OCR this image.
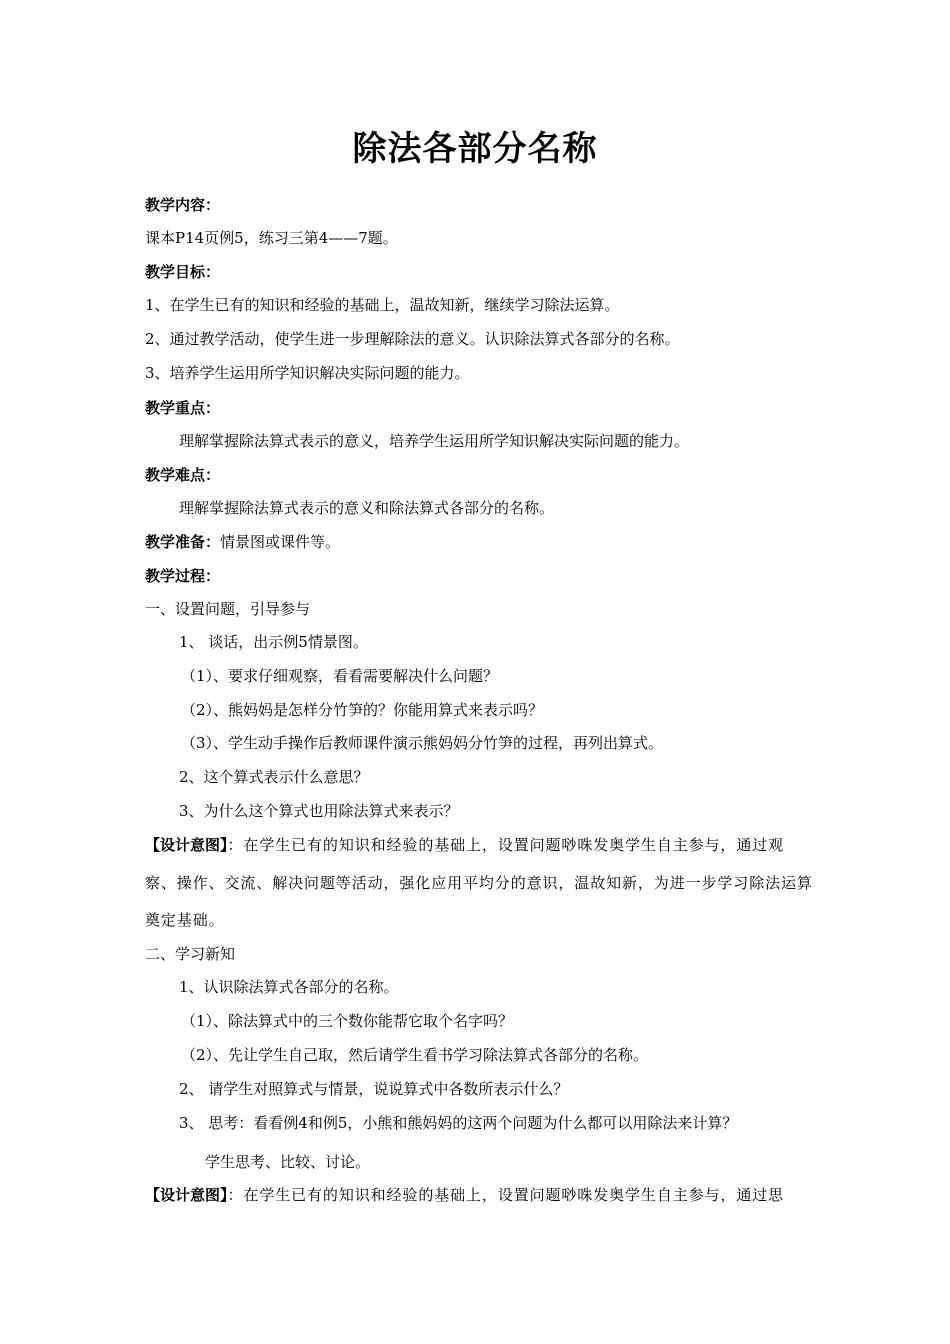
除法各部分名称
教学内容：
课本P14页例5，练习三第4——7题。
教学目标：
1、在学生已有的知识和经验的基础上，温故知新，继续学习除法运算。
2、通过教学活动，使学生进一步理解除法的意义。认识除法算式各部分的名称。
3、培养学生运用所学知识解决实际问题的能力。
教学重点：
理解掌握除法算式表示的意义，培养学生运用所学知识解决实际问题的能力。
教学难点：
理解掌握除法算式表示的意义和除法算式各部分的名称。
教学准备：情景图或课件等。
教学过程：
一、设置问题，引导参与
1、 谈话，出示例5情景图。
（1）、要求仔细观察，看看需要解决什么问题？
（2）、熊妈妈是怎样分竹笋的？你能用算式来表示吗？
（3）、学生动手操作后教师课件演示熊妈妈分竹笋的过程，再列出算式。
2、这个算式表示什么意思？
3、为什么这个算式也用除法算式来表示？
【设计意图】：在学生已有的知识和经验的基础上，设置问题唦咮发奥学生自主参与，通过观
察、操作、交流、解决问题等活动，强化应用平均分的意识，温故知新，为进一步学习除法运算
奠定基础。
二、学习新知
1、认识除法算式各部分的名称。
（1）、除法算式中的三个数你能帮它取个名字吗？
（2）、先让学生自己取，然后请学生看书学习除法算式各部分的名称。
2、 请学生对照算式与情景，说说算式中各数所表示什么？
3、 思考：看看例4和例5，小熊和熊妈妈的这两个问题为什么都可以用除法来计算？
学生思考、比较、讨论。
【设计意图】：在学生已有的知识和经验的基础上，设置问题唦咮发奥学生自主参与，通过思
